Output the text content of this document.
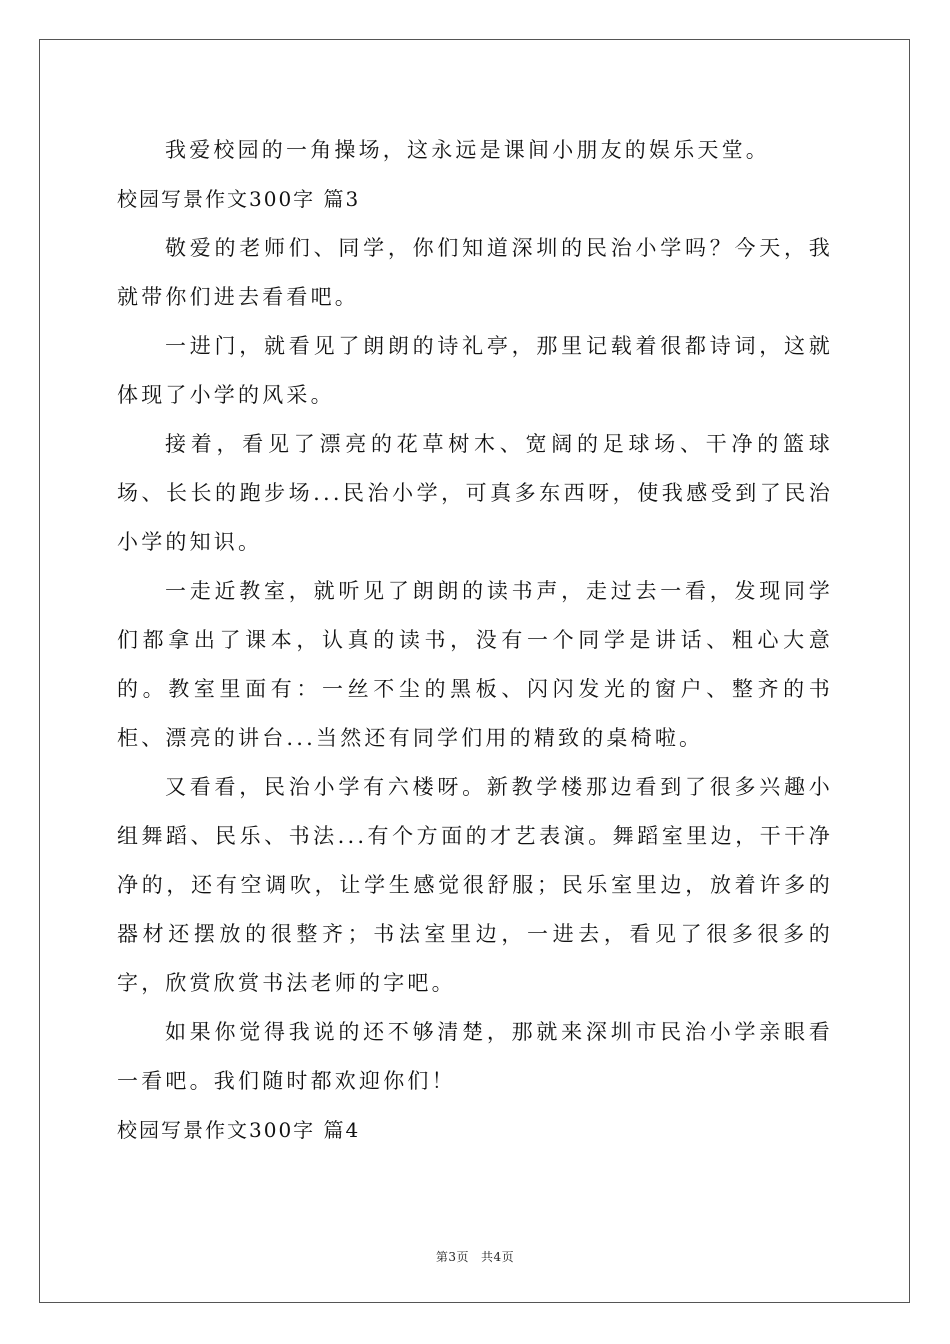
我爱校园的一角操场，这永远是课间小朋友的娱乐天堂。

校园写景作文300字 篇3

敬爱的老师们、同学，你们知道深圳的民治小学吗？今天，我就带你们进去看看吧。

一进门，就看见了朗朗的诗礼亭，那里记载着很都诗词，这就体现了小学的风采。

接着，看见了漂亮的花草树木、宽阔的足球场、干净的篮球场、长长的跑步场...民治小学，可真多东西呀，使我感受到了民治小学的知识。

一走近教室，就听见了朗朗的读书声，走过去一看，发现同学们都拿出了课本，认真的读书，没有一个同学是讲话、粗心大意的。教室里面有：一丝不尘的黑板、闪闪发光的窗户、整齐的书柜、漂亮的讲台...当然还有同学们用的精致的桌椅啦。

又看看，民治小学有六楼呀。新教学楼那边看到了很多兴趣小组舞蹈、民乐、书法...有个方面的才艺表演。舞蹈室里边，干干净净的，还有空调吹，让学生感觉很舒服；民乐室里边，放着许多的器材还摆放的很整齐；书法室里边，一进去，看见了很多很多的字，欣赏欣赏书法老师的字吧。

如果你觉得我说的还不够清楚，那就来深圳市民治小学亲眼看一看吧。我们随时都欢迎你们！

校园写景作文300字 篇4

第3页 共4页
